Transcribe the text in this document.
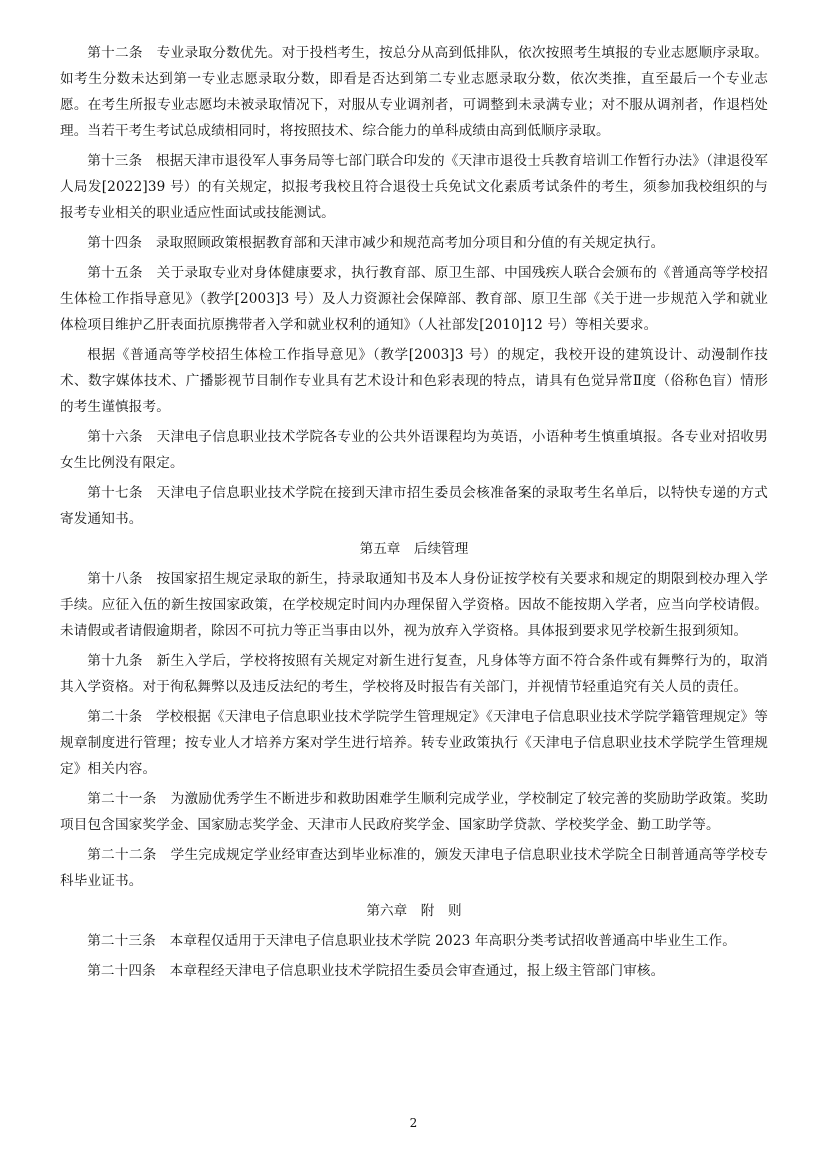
第十二条　专业录取分数优先。对于投档考生，按总分从高到低排队，依次按照考生填报的专业志愿顺序录取。如考生分数未达到第一专业志愿录取分数，即看是否达到第二专业志愿录取分数，依次类推，直至最后一个专业志愿。在考生所报专业志愿均未被录取情况下，对服从专业调剂者，可调整到未录满专业；对不服从调剂者，作退档处理。当若干考生考试总成绩相同时，将按照技术、综合能力的单科成绩由高到低顺序录取。

第十三条　根据天津市退役军人事务局等七部门联合印发的《天津市退役士兵教育培训工作暂行办法》（津退役军人局发[2022]39 号）的有关规定，拟报考我校且符合退役士兵免试文化素质考试条件的考生，须参加我校组织的与报考专业相关的职业适应性面试或技能测试。

第十四条　录取照顾政策根据教育部和天津市减少和规范高考加分项目和分值的有关规定执行。

第十五条　关于录取专业对身体健康要求，执行教育部、原卫生部、中国残疾人联合会颁布的《普通高等学校招生体检工作指导意见》（教学[2003]3 号）及人力资源社会保障部、教育部、原卫生部《关于进一步规范入学和就业体检项目维护乙肝表面抗原携带者入学和就业权利的通知》（人社部发[2010]12 号）等相关要求。

根据《普通高等学校招生体检工作指导意见》（教学[2003]3 号）的规定，我校开设的建筑设计、动漫制作技术、数字媒体技术、广播影视节目制作专业具有艺术设计和色彩表现的特点，请具有色觉异常Ⅱ度（俗称色盲）情形的考生谨慎报考。

第十六条　天津电子信息职业技术学院各专业的公共外语课程均为英语，小语种考生慎重填报。各专业对招收男女生比例没有限定。

第十七条　天津电子信息职业技术学院在接到天津市招生委员会核准备案的录取考生名单后，以特快专递的方式寄发通知书。

第五章　后续管理

第十八条　按国家招生规定录取的新生，持录取通知书及本人身份证按学校有关要求和规定的期限到校办理入学手续。应征入伍的新生按国家政策，在学校规定时间内办理保留入学资格。因故不能按期入学者，应当向学校请假。未请假或者请假逾期者，除因不可抗力等正当事由以外，视为放弃入学资格。具体报到要求见学校新生报到须知。

第十九条　新生入学后，学校将按照有关规定对新生进行复查，凡身体等方面不符合条件或有舞弊行为的，取消其入学资格。对于徇私舞弊以及违反法纪的考生，学校将及时报告有关部门，并视情节轻重追究有关人员的责任。

第二十条　学校根据《天津电子信息职业技术学院学生管理规定》《天津电子信息职业技术学院学籍管理规定》等规章制度进行管理；按专业人才培养方案对学生进行培养。转专业政策执行《天津电子信息职业技术学院学生管理规定》相关内容。

第二十一条　为激励优秀学生不断进步和救助困难学生顺利完成学业，学校制定了较完善的奖励助学政策。奖助项目包含国家奖学金、国家励志奖学金、天津市人民政府奖学金、国家助学贷款、学校奖学金、勤工助学等。

第二十二条　学生完成规定学业经审查达到毕业标准的，颁发天津电子信息职业技术学院全日制普通高等学校专科毕业证书。

第六章　附　则

第二十三条　本章程仅适用于天津电子信息职业技术学院 2023 年高职分类考试招收普通高中毕业生工作。

第二十四条　本章程经天津电子信息职业技术学院招生委员会审查通过，报上级主管部门审核。

2
